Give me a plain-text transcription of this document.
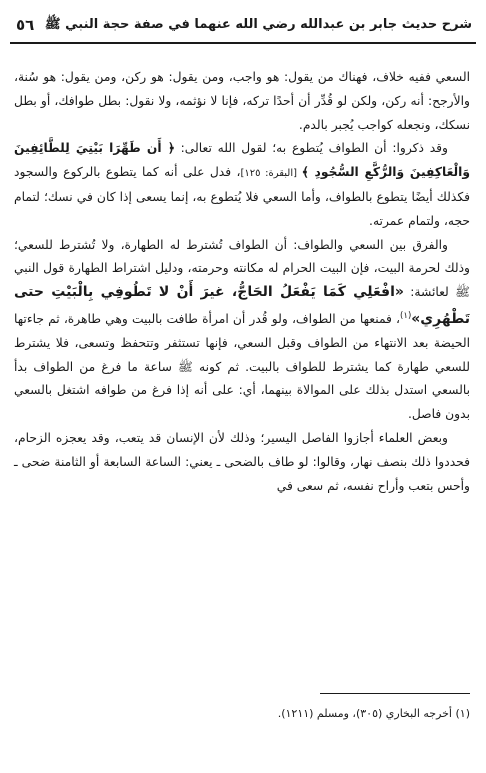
٥٦ شرح حديث جابر بن عبدالله رضي الله عنهما في صفة حجة النبي ﷺ

السعي ففيه خلاف، فهناك من يقول: هو واجب، ومن يقول: هو ركن، ومن يقول: هو سُنة، والأرجح: أنه ركن، ولكن لو قُدِّر أن أحدًا تركه، فإنا لا نؤثمه، ولا نقول: بطل طوافك، أو بطل نسكك، ونجعله كواجب يُجبر بالدم.

وقد ذكروا: أن الطواف يُتطوع به؛ لقول الله تعالى: ﴿ أَن طَهِّرَا بَيْتِيَ لِلطَّائِفِينَ وَالْعَاكِفِينَ وَالرُّكَّعِ السُّجُودِ ﴾ [البقرة: ١٢٥]، فدل على أنه كما يتطوع بالركوع والسجود فكذلك أيضًا يتطوع بالطواف، وأما السعي فلا يُتطوع به، إنما يسعى إذا كان في نسك؛ لتمام حجه، ولتمام عمرته.

والفرق بين السعي والطواف: أن الطواف تُشترط له الطهارة، ولا تُشترط للسعي؛ وذلك لحرمة البيت، فإن البيت الحرام له مكانته وحرمته، ودليل اشتراط الطهارة قول النبي ﷺ لعائشة: «افْعَلِي كَمَا يَفْعَلُ الحَاجُّ، غيرَ أَنْ لا تَطُوفِي بِالْبَيْتِ حتى تَطْهُرِي»$^{(١)}$، فمنعها من الطواف، ولو قُدر أن امرأة طافت بالبيت وهي طاهرة، ثم جاءتها الحيضة بعد الانتهاء من الطواف وقبل السعي، فإنها تستثفر وتتحفظ وتسعى، فلا يشترط للسعي طهارة كما يشترط للطواف بالبيت. ثم كونه ﷺ ساعة ما فرغ من الطواف بدأ بالسعي استدل بذلك على الموالاة بينهما، أي: على أنه إذا فرغ من طوافه اشتغل بالسعي بدون فاصل.

وبعض العلماء أجازوا الفاصل اليسير؛ وذلك لأن الإنسان قد يتعب، وقد يعجزه الزحام، فحددوا ذلك بنصف نهار، وقالوا: لو طاف بالضحى ـ يعني: الساعة السابعة أو الثامنة ضحى ـ وأحس بتعب وأراح نفسه، ثم سعى في

(١) أخرجه البخاري (٣٠٥)، ومسلم (١٢١١).
